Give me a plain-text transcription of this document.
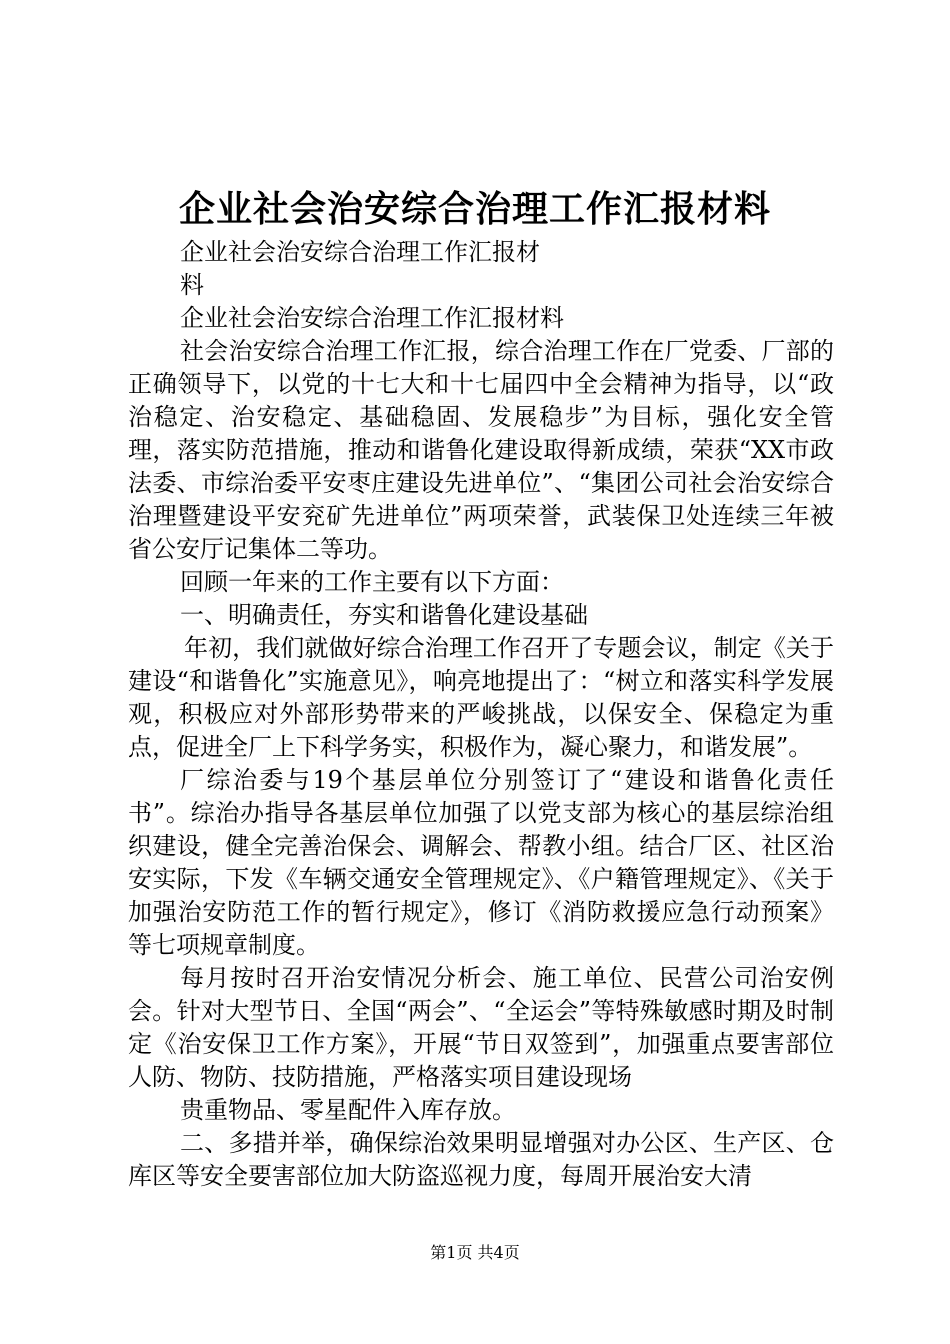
企业社会治安综合治理工作汇报材料

企业社会治安综合治理工作汇报材

料

企业社会治安综合治理工作汇报材料

社会治安综合治理工作汇报，综合治理工作在厂党委、厂部的正确领导下，以党的十七大和十七届四中全会精神为指导，以“政治稳定、治安稳定、基础稳固、发展稳步”为目标，强化安全管理，落实防范措施，推动和谐鲁化建设取得新成绩，荣获“XX市政法委、市综治委平安枣庄建设先进单位”、“集团公司社会治安综合治理暨建设平安兖矿先进单位”两项荣誉，武装保卫处连续三年被省公安厅记集体二等功。

回顾一年来的工作主要有以下方面：

一、明确责任，夯实和谐鲁化建设基础

年初，我们就做好综合治理工作召开了专题会议，制定《关于建设“和谐鲁化”实施意见》，响亮地提出了：“树立和落实科学发展观，积极应对外部形势带来的严峻挑战，以保安全、保稳定为重点，促进全厂上下科学务实，积极作为，凝心聚力，和谐发展”。

厂综治委与19个基层单位分别签订了“建设和谐鲁化责任书”。综治办指导各基层单位加强了以党支部为核心的基层综治组织建设，健全完善治保会、调解会、帮教小组。结合厂区、社区治安实际，下发《车辆交通安全管理规定》、《户籍管理规定》、《关于加强治安防范工作的暂行规定》，修订《消防救援应急行动预案》等七项规章制度。

每月按时召开治安情况分析会、施工单位、民营公司治安例会。针对大型节日、全国“两会”、“全运会”等特殊敏感时期及时制定《治安保卫工作方案》，开展“节日双签到”，加强重点要害部位人防、物防、技防措施，严格落实项目建设现场

贵重物品、零星配件入库存放。

二、多措并举，确保综治效果明显增强对办公区、生产区、仓库区等安全要害部位加大防盗巡视力度，每周开展治安大清

第1页 共4页
